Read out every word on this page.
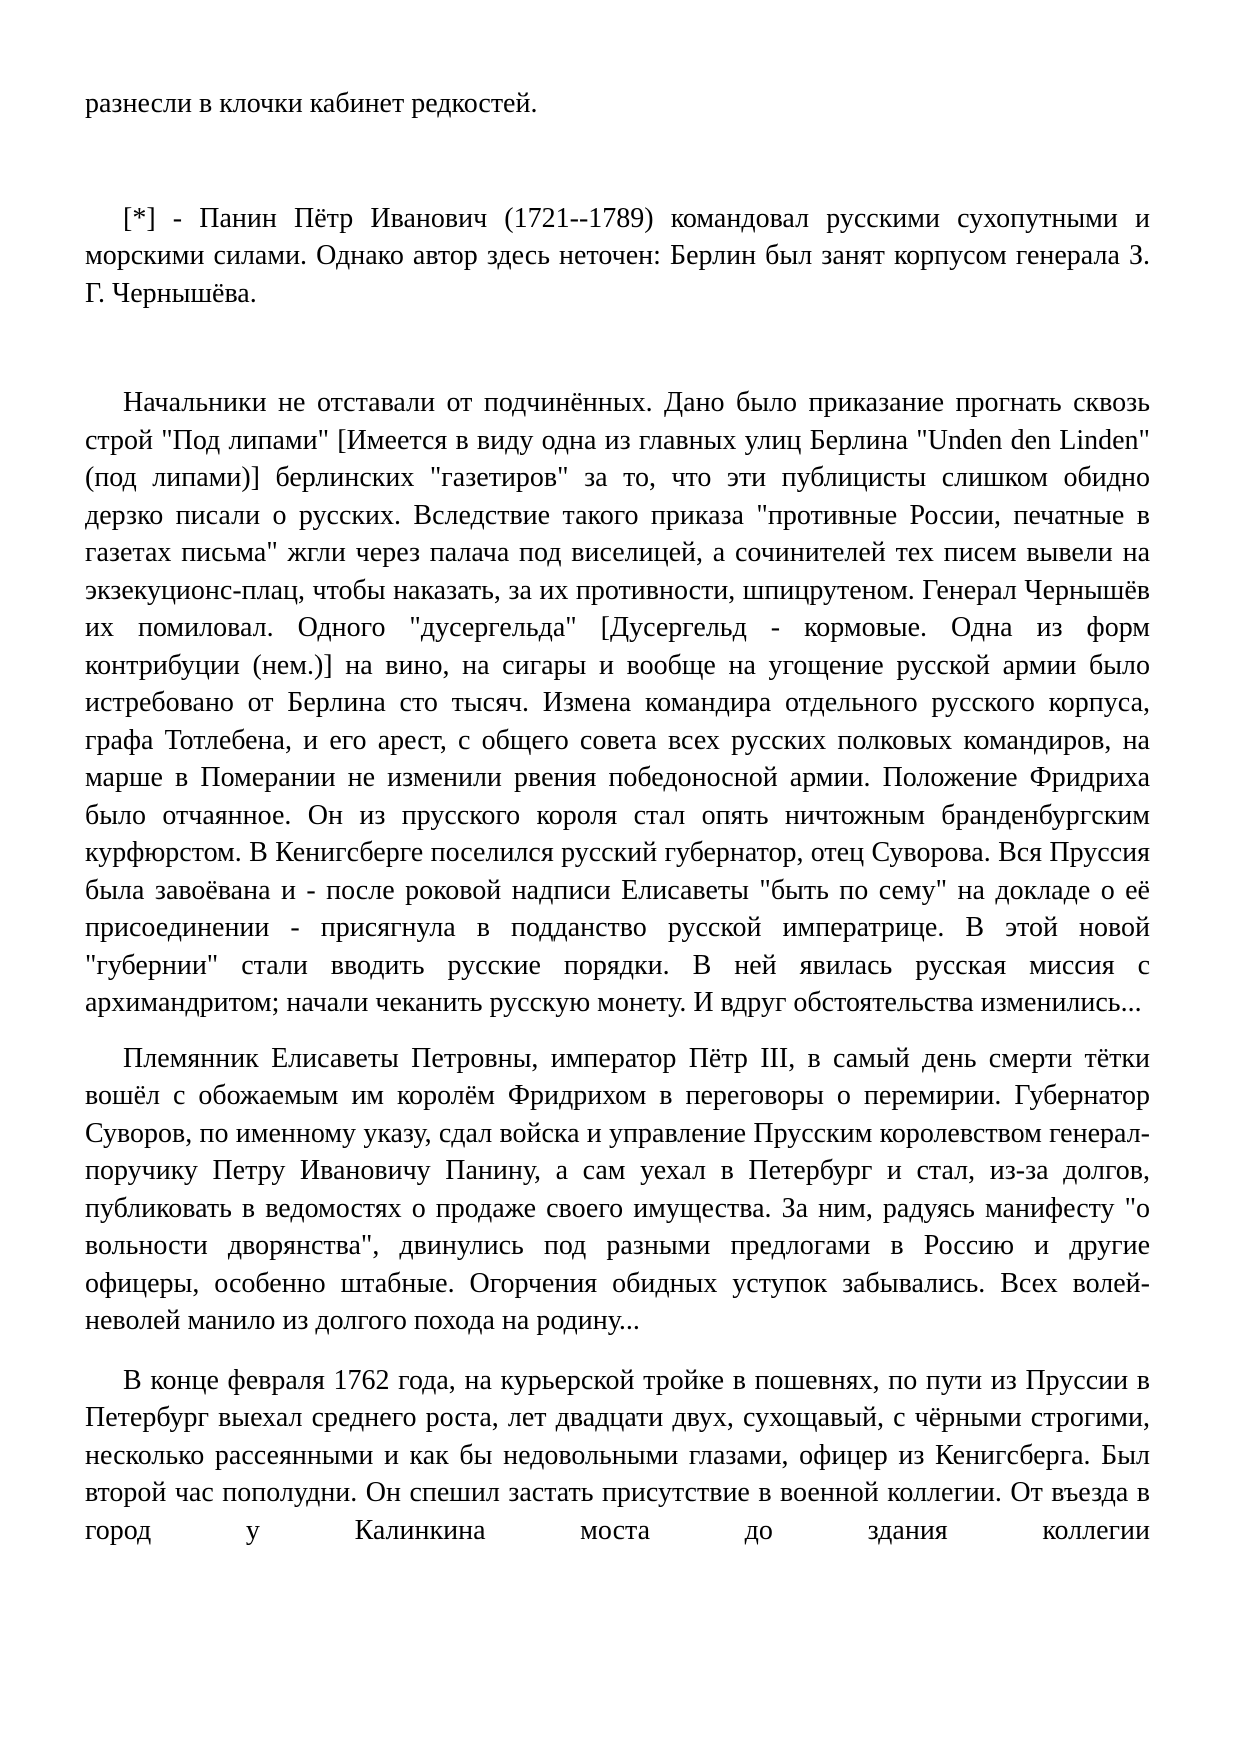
разнесли в клочки кабинет редкостей.

[*] - Панин Пётр Иванович (1721--1789) командовал русскими сухопутными и морскими силами. Однако автор здесь неточен: Берлин был занят корпусом генерала З. Г. Чернышёва.

Начальники не отставали от подчинённых. Дано было приказание прогнать сквозь строй "Под липами" [Имеется в виду одна из главных улиц Берлина "Unden den Linden" (под липами)] берлинских "газетиров" за то, что эти публицисты слишком обидно дерзко писали о русских. Вследствие такого приказа "противные России, печатные в газетах письма" жгли через палача под виселицей, а сочинителей тех писем вывели на экзекуционс-плац, чтобы наказать, за их противности, шпицрутеном. Генерал Чернышёв их помиловал. Одного "дусергельда" [Дусергельд - кормовые. Одна из форм контрибуции (нем.)] на вино, на сигары и вообще на угощение русской армии было истребовано от Берлина сто тысяч. Измена командира отдельного русского корпуса, графа Тотлебена, и его арест, с общего совета всех русских полковых командиров, на марше в Померании не изменили рвения победоносной армии. Положение Фридриха было отчаянное. Он из прусского короля стал опять ничтожным бранденбургским курфюрстом. В Кенигсберге поселился русский губернатор, отец Суворова. Вся Пруссия была завоёвана и - после роковой надписи Елисаветы "быть по сему" на докладе о её присоединении - присягнула в подданство русской императрице. В этой новой "губернии" стали вводить русские порядки. В ней явилась русская миссия с архимандритом; начали чеканить русскую монету. И вдруг обстоятельства изменились...

Племянник Елисаветы Петровны, император Пётр III, в самый день смерти тётки вошёл с обожаемым им королём Фридрихом в переговоры о перемирии. Губернатор Суворов, по именному указу, сдал войска и управление Прусским королевством генерал-поручику Петру Ивановичу Панину, а сам уехал в Петербург и стал, из-за долгов, публиковать в ведомостях о продаже своего имущества. За ним, радуясь манифесту "о вольности дворянства", двинулись под разными предлогами в Россию и другие офицеры, особенно штабные. Огорчения обидных уступок забывались. Всех волей-неволей манило из долгого похода на родину...

В конце февраля 1762 года, на курьерской тройке в пошевнях, по пути из Пруссии в Петербург выехал среднего роста, лет двадцати двух, сухощавый, с чёрными строгими, несколько рассеянными и как бы недовольными глазами, офицер из Кенигсберга. Был второй час пополудни. Он спешил застать присутствие в военной коллегии. От въезда в город у Калинкина моста до здания коллегии
